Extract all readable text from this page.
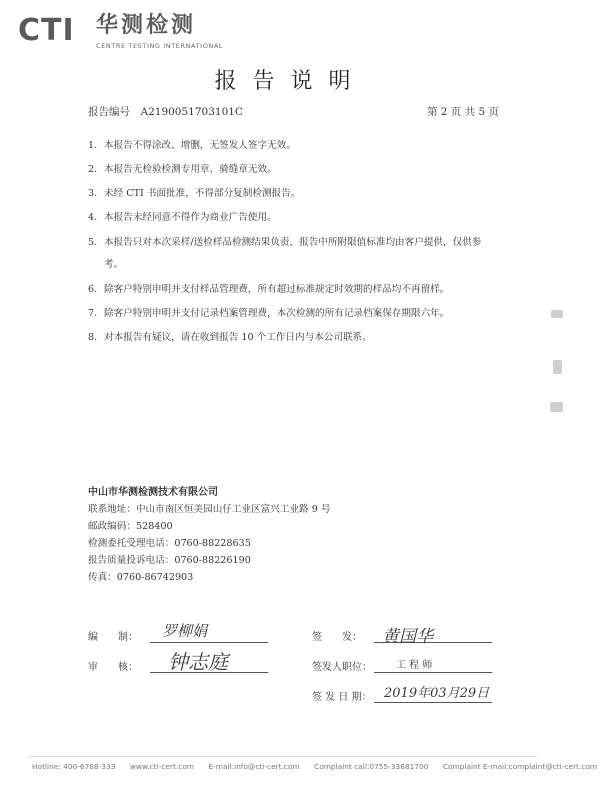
CTI 华测检测
CENTRE TESTING INTERNATIONAL
报告说明
报告编号　A2190051703101C	第 2 页 共 5 页
1. 本报告不得涂改、增删，无签发人签字无效。
2. 本报告无检验检测专用章、骑缝章无效。
3. 未经 CTI 书面批准，不得部分复制检测报告。
4. 本报告未经同意不得作为商业广告使用。
5. 本报告只对本次采样/送检样品检测结果负责，报告中所附限值标准均由客户提供，仅供参考。
6. 除客户特别申明并支付样品管理费，所有超过标准规定时效期的样品均不再留样。
7. 除客户特别申明并支付记录档案管理费，本次检测的所有记录档案保存期限六年。
8. 对本报告有疑议，请在收到报告 10 个工作日内与本公司联系。
中山市华测检测技术有限公司
联系地址：中山市南区恒美园山仔工业区富兴工业路 9 号
邮政编码：528400
检测委托受理电话：0760-88228635
报告质量投诉电话：0760-88226190
传真：0760-86742903
编　　制： 罗柳娟
审　　核： 钟志庭
签　　发： 黄国华
签发人职位： 工 程 师
签 发 日 期： 2019年03月29日
Hotline: 400-6788-333 www.cti-cert.com E-mail:info@cti-cert.com Complaint call:0755-33681700 Complaint E-mail:complaint@cti-cert.com
